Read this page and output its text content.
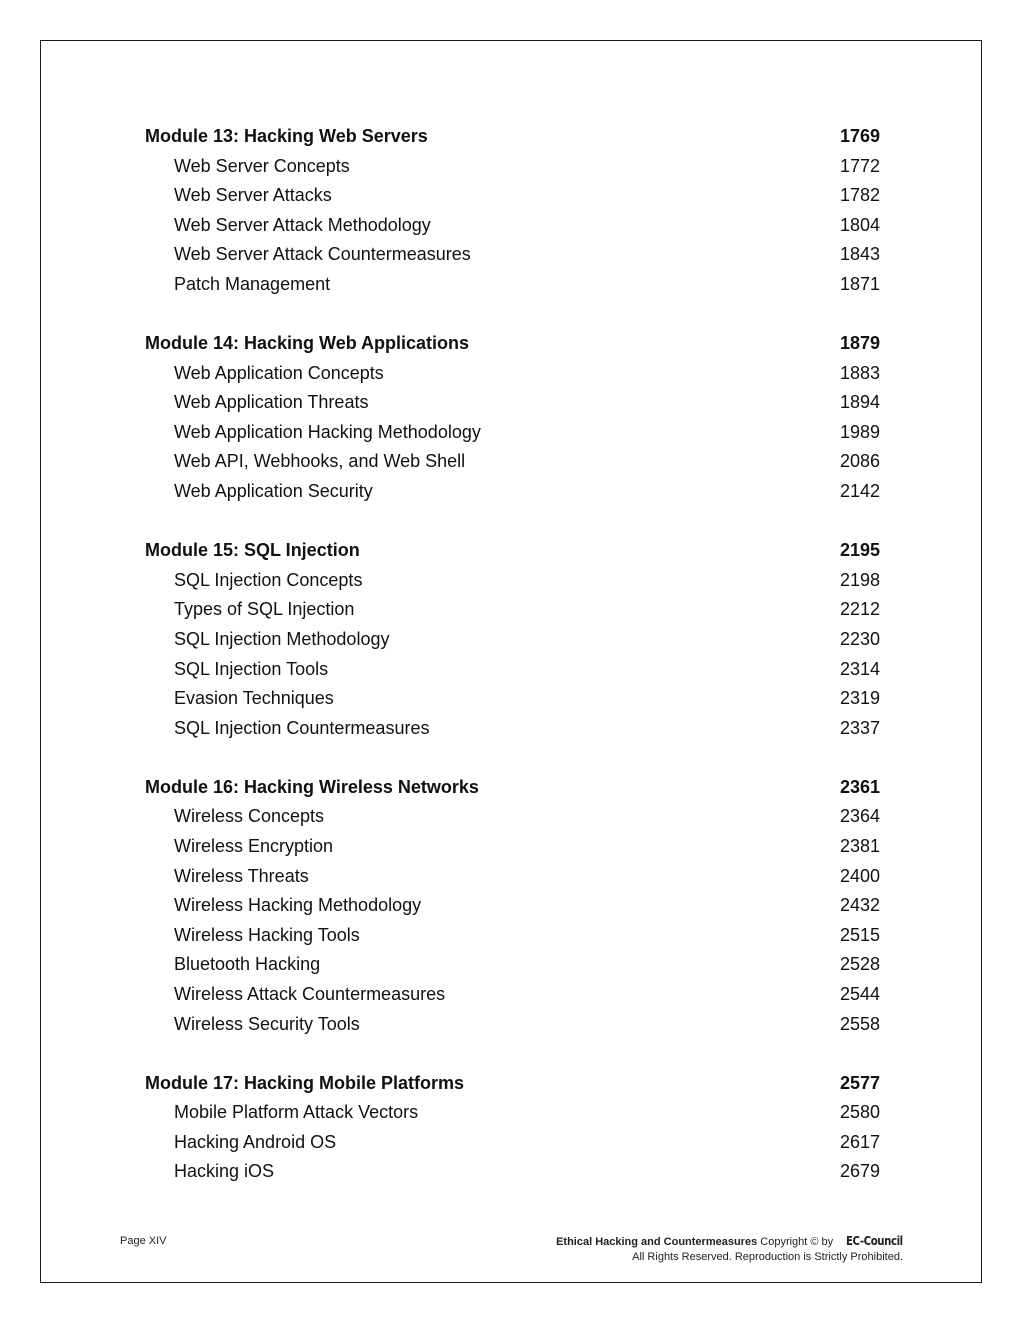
Module 13: Hacking Web Servers	1769
Web Server Concepts	1772
Web Server Attacks	1782
Web Server Attack Methodology	1804
Web Server Attack Countermeasures	1843
Patch Management	1871
Module 14: Hacking Web Applications	1879
Web Application Concepts	1883
Web Application Threats	1894
Web Application Hacking Methodology	1989
Web API, Webhooks, and Web Shell	2086
Web Application Security	2142
Module 15: SQL Injection	2195
SQL Injection Concepts	2198
Types of SQL Injection	2212
SQL Injection Methodology	2230
SQL Injection Tools	2314
Evasion Techniques	2319
SQL Injection Countermeasures	2337
Module 16: Hacking Wireless Networks	2361
Wireless Concepts	2364
Wireless Encryption	2381
Wireless Threats	2400
Wireless Hacking Methodology	2432
Wireless Hacking Tools	2515
Bluetooth Hacking	2528
Wireless Attack Countermeasures	2544
Wireless Security Tools	2558
Module 17: Hacking Mobile Platforms	2577
Mobile Platform Attack Vectors	2580
Hacking Android OS	2617
Hacking iOS	2679
Page XIV	Ethical Hacking and Countermeasures Copyright © by EC-Council
All Rights Reserved. Reproduction is Strictly Prohibited.
